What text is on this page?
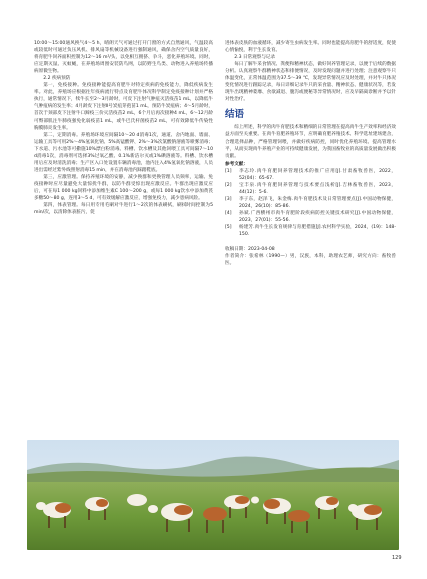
10:00～15:00通风换气4～5 h，晴朗天气可通过打开门窗的方式自然通风，气温较高或较低时可通过负压风机、排风扇等机械设备进行强制通风，确保舍内空气质量良好，将育肥牛饲养面积控制为12～16 m²/头，以免相互拥挤、争斗，恶化养殖环境。同时，应定期灭鼠、灭蚊蝇，在养殖场周围安装防鸟网，以防野生鸟类、动物进入养殖场传播病原微生物。

2.2 疾病预防

第一，免疫接种。免疫接种能提高育肥牛对特定疾病的免疫能力，降低疾病发生率。对此，养殖场应根据往年疫病流行特点及育肥牛体况科学制定免疫接种计划并严格执行，通常情况下，犊牛长至2～3月龄时，可皮下注射气肿疽灭活疫苗1 mL，以降低牛气肿疽病的发生率；4月龄皮下注射Ⅱ号炭疽芽孢苗1 mL，预防牛炭疽病；4～5月龄时，首次于颈部皮下注射牛口蹄疫三价灭活疫苗2 mL，6个月后再次接种4 mL，6～12月龄可臀部肌注牛肺疫强免化弱疫苗1 mL，或牛巴氏杆菌疫苗2 mL，可有效降低牛传染性胸膜肺炎发生率。

第二，定期消毒。养殖场环境应间隔10～20 d消毒1次，通道、舍内地面、墙面、运输工具等可用2%～4%氢氧化钠、5%高锰酸钾、2%～3%次氯酸钠溶液等喷雾消毒；下水道、污水池等可撒施10%漂白粉消毒。料槽、饮水槽及其他饲喂工具可间隔7～10 d消毒1次，消毒剂可选择3%过氧乙酸、0.1%新洁尔灭或1%碘溶液等。料槽、饮水槽用后应及时清洗消毒；生产区入口处设置车辆消毒池，池内注入4%氢氧化钠溶液，人员进出需经过紫外线照射消毒15 min，并在消毒池内踩踏鞋底。

第三，应激管理。保持养殖环境的安静，减少换群和更换管理人员频率，运输、免疫接种时应尽量避免大量惊扰牛群，以防牛群受惊出现应激反应。牛群出现应激反应后，可在每1 000 kg饲料中添加维生素C 100～200 g，或每1 000 kg饮水中添加黄芪多糖50～80 g，连用3～5 d，可有效缓解应激反应，增强免疫力，减少患病风险。

第四，体表管理。每日用专用毛刷对牛进行1～2次的体表刷拭，刷拭时间控制为5 min/次，以清除体表脏污，促

进体表皮肤的血液循环，减少寄生虫病发生率。同时也能提高育肥牛的舒适度，促使心情愉悦，利于生长发育。

2.3 日常观察与记录

每日了解牛采食情况、粪便和精神状态，做好饲养管理记录，以便于后续的数据分析。认真观察牛群精神状态和排便情况，及时发现问题并进行处理；注意观察牛只体温变化，正常体温范围为37.5～39 ℃，发现异常情况应及时处理，并对牛只体况变化情况进行跟踪记录，每日详细记录牛只的采食量、精神状态、健康状况等，若发现牛出现精神萎靡、食欲减退、腹泻或便秘等异常情况时，应及早隔离诊断并予以针对性治疗。

结语

综上所述，科学的肉牛育肥技术和精细的日常管理在提高肉牛生产效率和经济效益方面至关重要。在肉牛育肥养殖环节，应明确育肥养殖技术、科学选址建场建舍，合理选择品种，严格管理饲喂，并做好疾病防控，同时优化养殖环境、提高管理水平，从而实现肉牛养殖产业的可持续健康发展，为我国畜牧业的高质量发展做出积极贡献。

参考文献：

[1] 李志玲.肉牛育肥饲养管理技术的推广应用[J].甘肃畜牧兽医，2022，52(04)：65-67.

[2] 宝丰泉.肉牛育肥饲养管理与技术要点浅析[J].吉林畜牧兽医，2023，44(12)：5-6.

[3] 李子东，赵泽飞，朱金梅.肉牛育肥技术及日常管理要点[J].中国动物保健，2024，26(10)：85-86.

[4] 孙斌.广西横州市肉牛育肥阶段疾病防控关键技术研究[J].中国动物保健，2023，27(01)：55-56.

[5] 杨建芳.肉牛生长发育规律与育肥措施[J].农村科学实验，2024，(19)：148-150.

收稿日期：2023-04-08

作者简介：张希林（1990—）男，汉族，本科，助理农艺师，研究方向：畜牧兽医。

129
